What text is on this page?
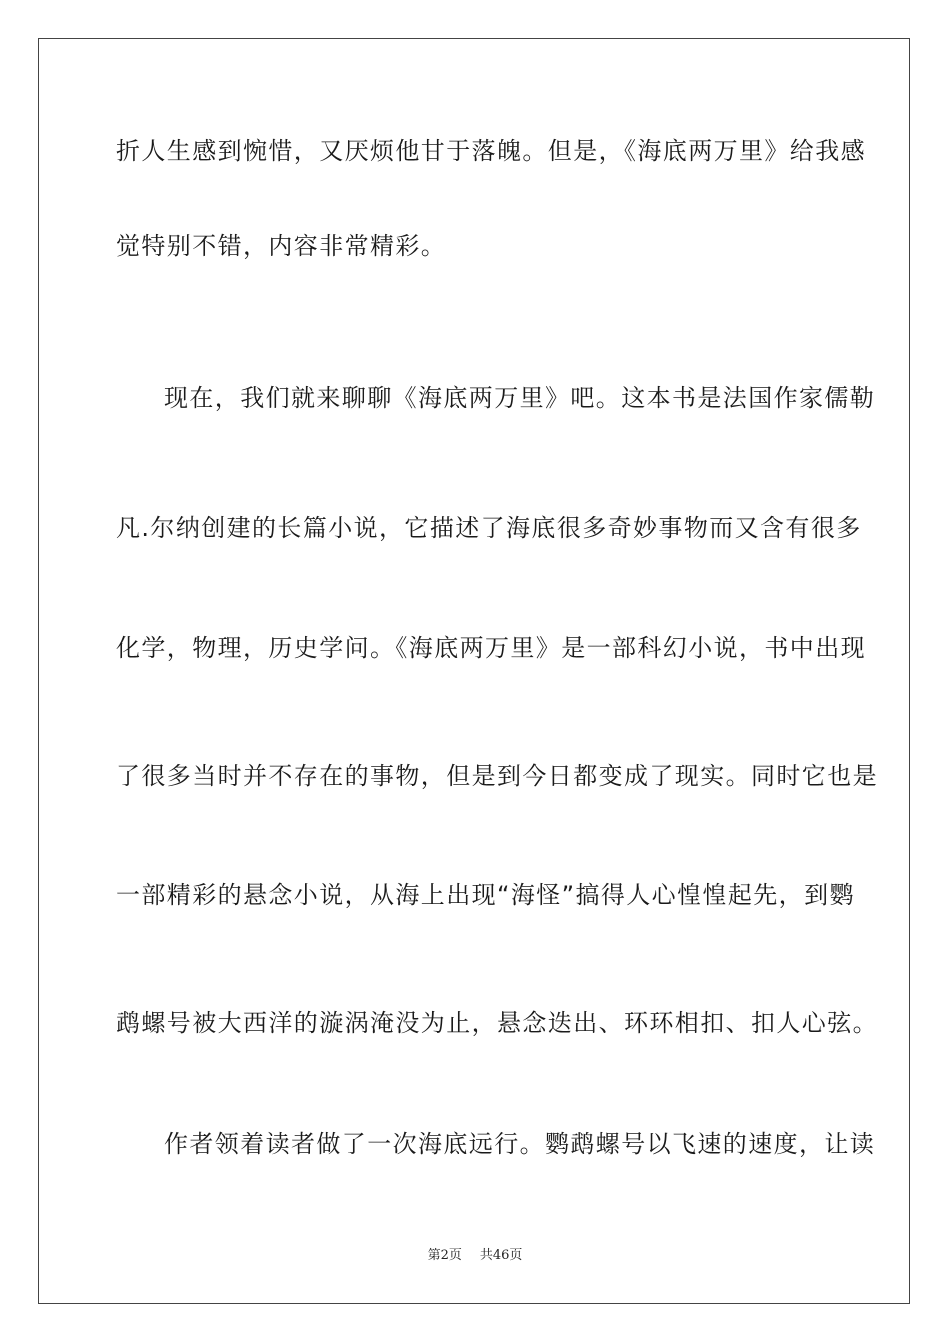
折人生感到惋惜，又厌烦他甘于落魄。但是，《海底两万里》给我感
觉特别不错，内容非常精彩。
现在，我们就来聊聊《海底两万里》吧。这本书是法国作家儒勒
凡.尔纳创建的长篇小说，它描述了海底很多奇妙事物而又含有很多
化学，物理，历史学问。《海底两万里》是一部科幻小说，书中出现
了很多当时并不存在的事物，但是到今日都变成了现实。同时它也是
一部精彩的悬念小说，从海上出现“海怪”搞得人心惶惶起先，到鹦
鹉螺号被大西洋的漩涡淹没为止，悬念迭出、环环相扣、扣人心弦。
作者领着读者做了一次海底远行。鹦鹉螺号以飞速的速度，让读
第2页 共46页
